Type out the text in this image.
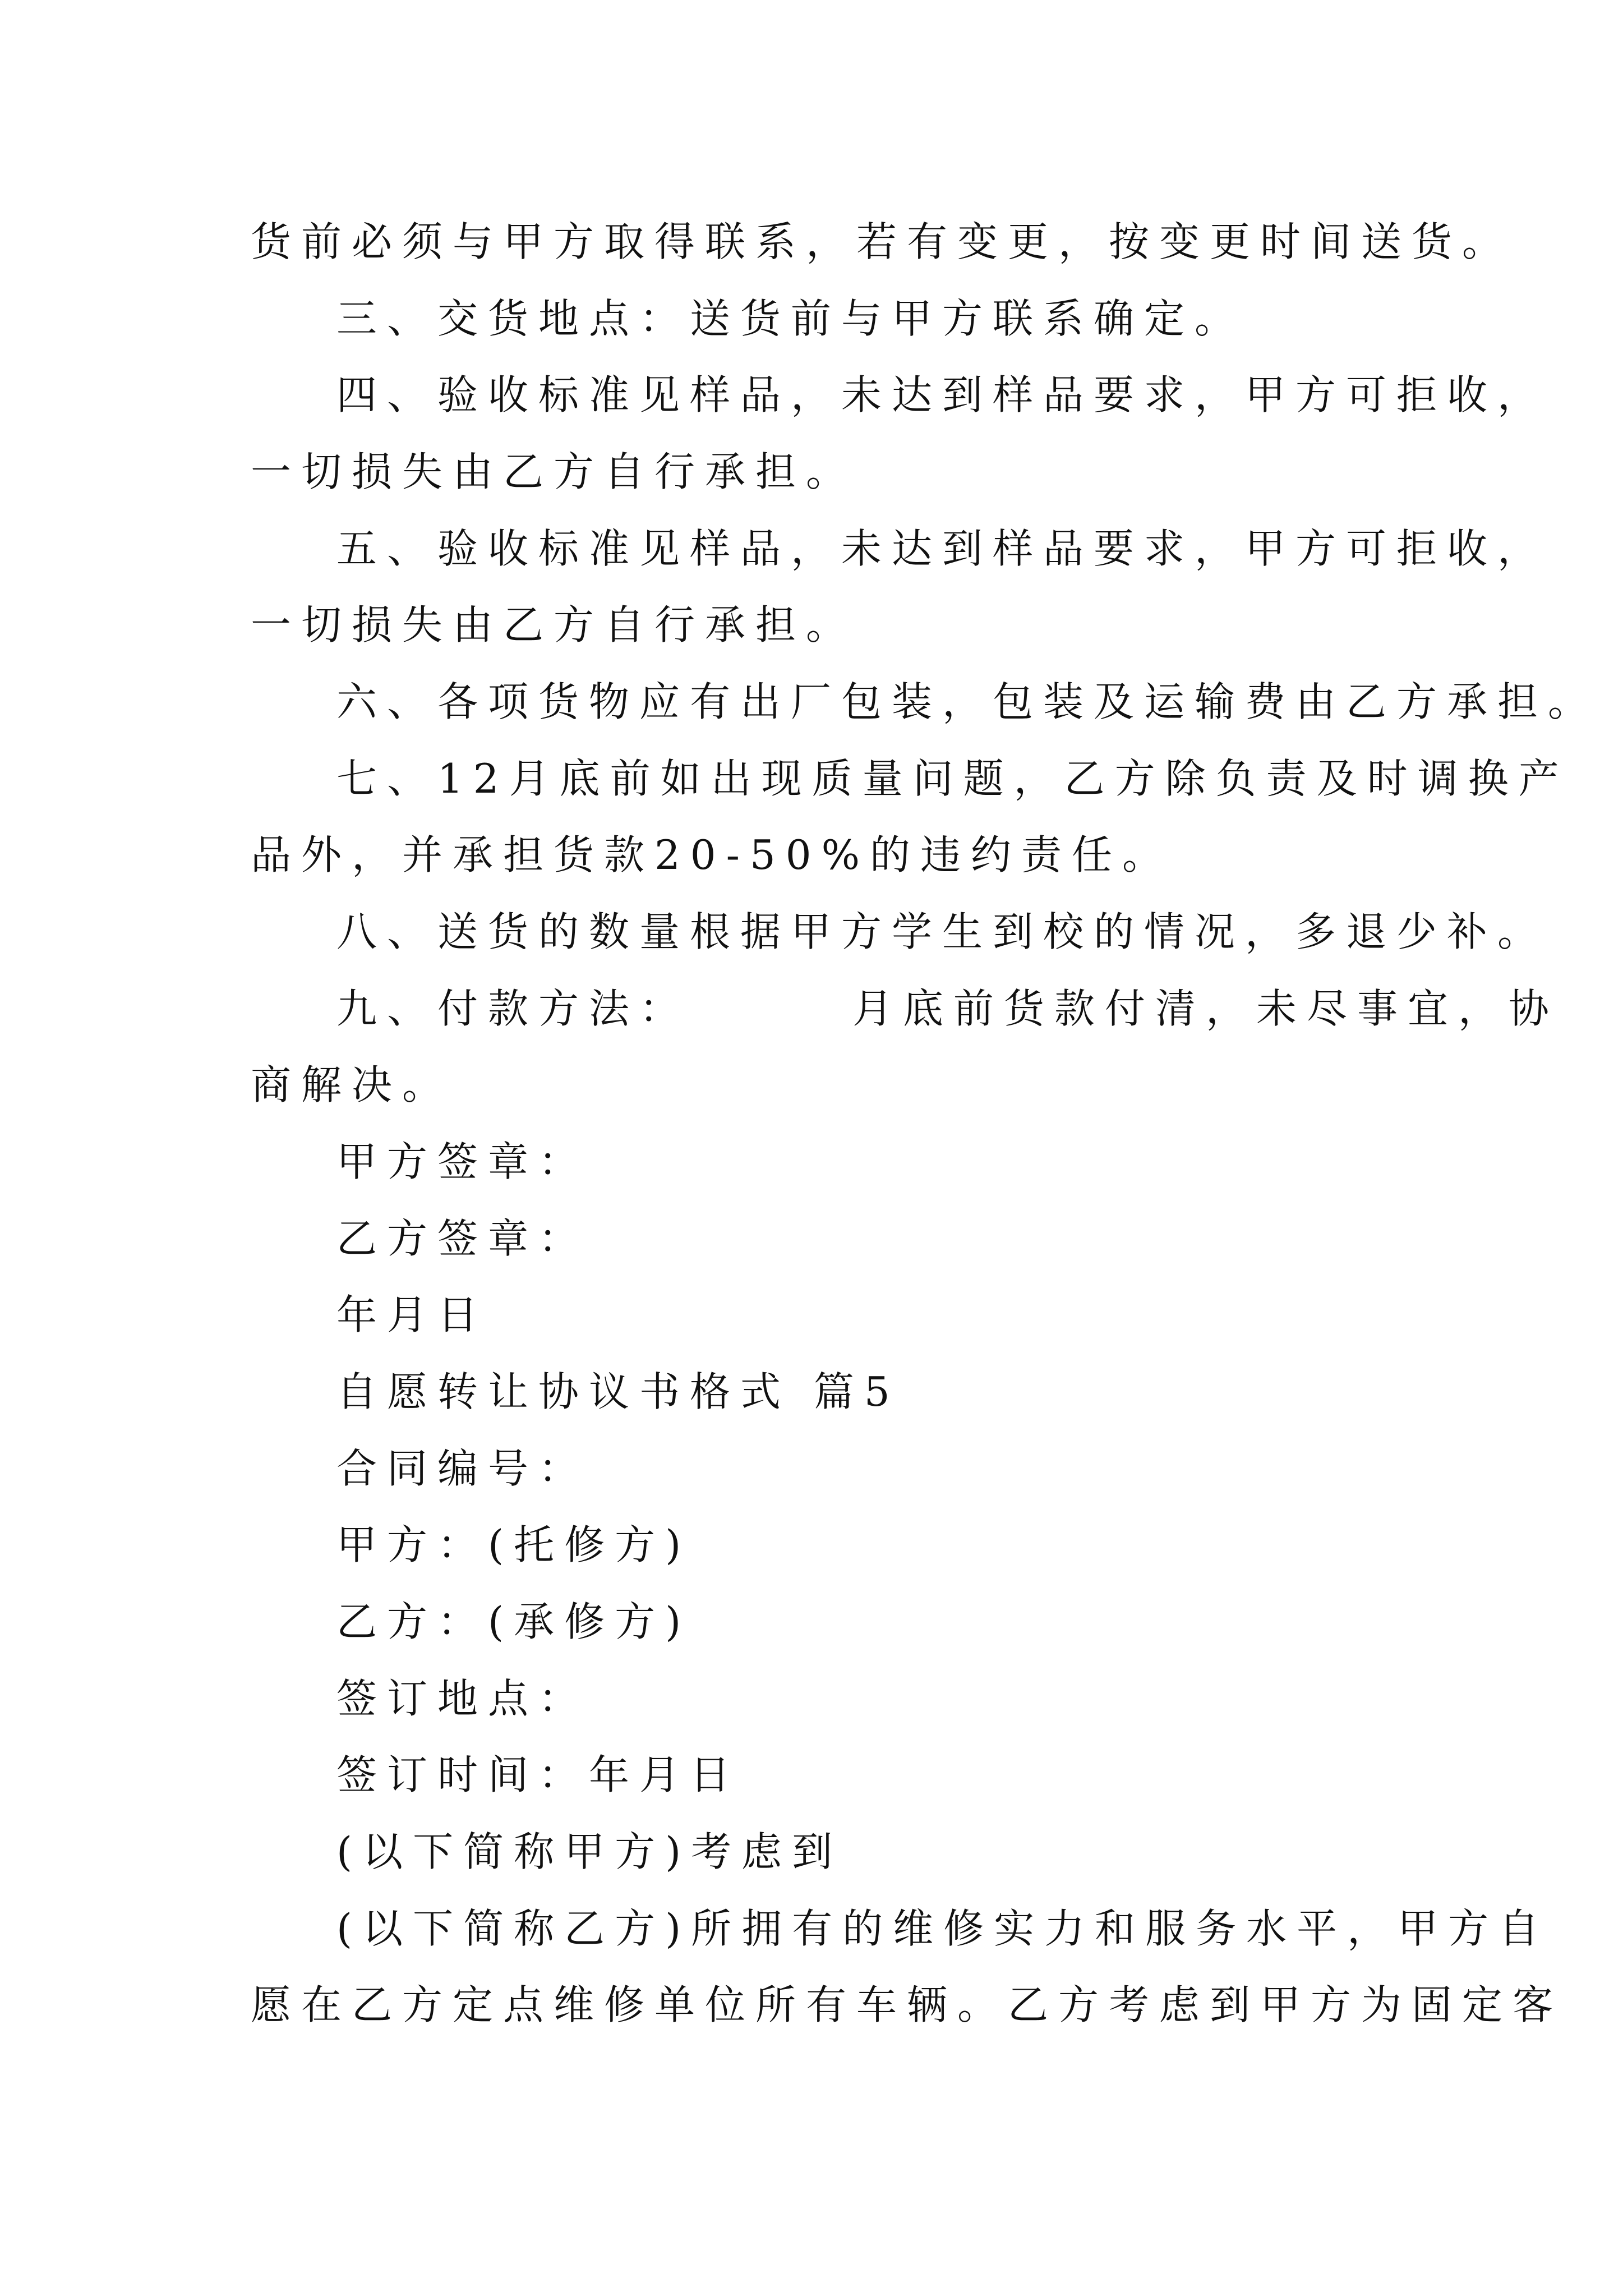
货前必须与甲方取得联系，若有变更，按变更时间送货。
三、交货地点：送货前与甲方联系确定。
四、验收标准见样品，未达到样品要求，甲方可拒收，
一切损失由乙方自行承担。
五、验收标准见样品，未达到样品要求，甲方可拒收，
一切损失由乙方自行承担。
六、各项货物应有出厂包装，包装及运输费由乙方承担。
七、12月底前如出现质量问题，乙方除负责及时调换产
品外，并承担货款20-50%的违约责任。
八、送货的数量根据甲方学生到校的情况，多退少补。
九、付款方法：	月底前货款付清，未尽事宜，协
商解决。
甲方签章：
乙方签章：
年月日
自愿转让协议书格式 篇5
合同编号：
甲方：(托修方)
乙方：(承修方)
签订地点：
签订时间：年月日
(以下简称甲方)考虑到
(以下简称乙方)所拥有的维修实力和服务水平，甲方自
愿在乙方定点维修单位所有车辆。乙方考虑到甲方为固定客
